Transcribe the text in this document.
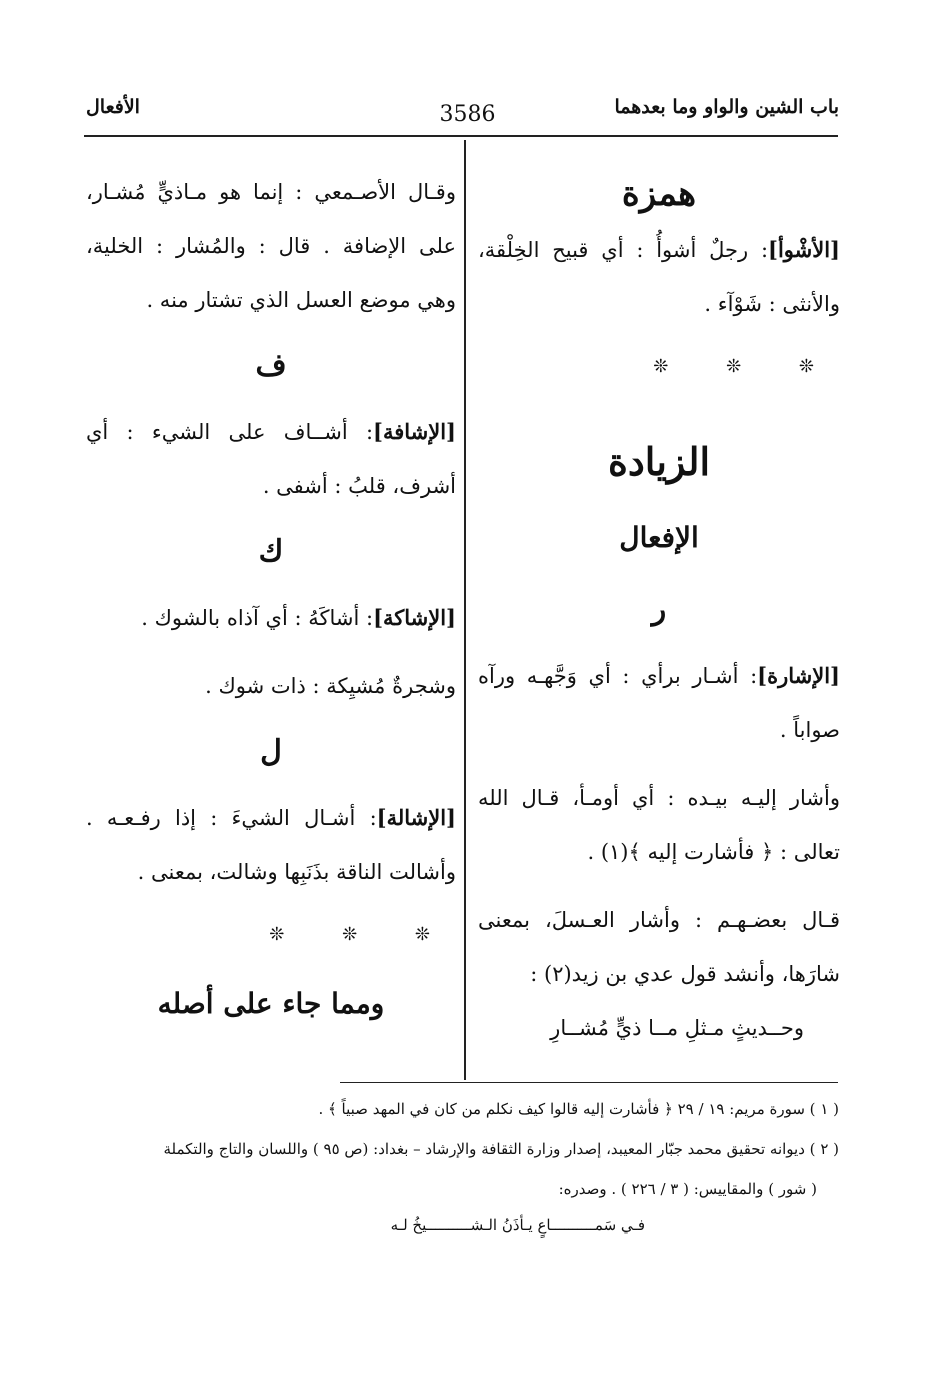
باب الشين والواو وما بعدهما
3586
الأفعال

همزة

[الأشْوأ]: رجلٌ أشوأُ : أي قبيح الخِلْقة، والأنثى : شَوْآء .

❊ ❊ ❊

الزيادة

الإفعال

ر

[الإشارة]: أشـار برأي : أي وَجَّهـه ورآه صواباً .

وأشار إليـه بيـده : أي أومـأ، قـال الله تعالى : ﴿ فأشارت إليه ﴾(١) .

قـال بعضـهـم : وأشار العـسلَ، بمعنى شارَها، وأنشد قول عدي بن زيد(٢) :

وحــديثٍ مـثلِ مــا ذيٍّ مُشــارِ

وقـال الأصـمعي : إنما هو مـاذيٍّ مُشـار، على الإضافة . قال : والمُشار : الخلية، وهي موضع العسل الذي تشتار منه .

ف

[الإشافة]: أشــاف على الشيء : أي أشرف، قلبُ : أشفى .

ك

[الإشاكة]: أشاكَهُ : أي آذاه بالشوك .

وشجرةٌ مُشيِكة : ذات شوك .

ل

[الإشالة]: أشـال الشيءَ : إذا رفـعـه . وأشالت الناقة بذَنَبِها وشالت، بمعنى .

❊ ❊ ❊

ومما جاء على أصله

( ١ ) سورة مريم: ١٩ / ٢٩ ﴿ فأشارت إليه قالوا كيف نكلم من كان في المهد صبياً ﴾ .
( ٢ ) ديوانه تحقيق محمد جبّار المعيبد، إصدار وزارة الثقافة والإرشاد – بغداد: (ص ٩٥ ) واللسان والتاج والتكملة
( شور ) والمقاييس: ( ٣ / ٢٢٦ ) . وصدره:
فـي سَمــــــــــاعٍ يـأذَنُ الـشــــــــــيخُ لـه
